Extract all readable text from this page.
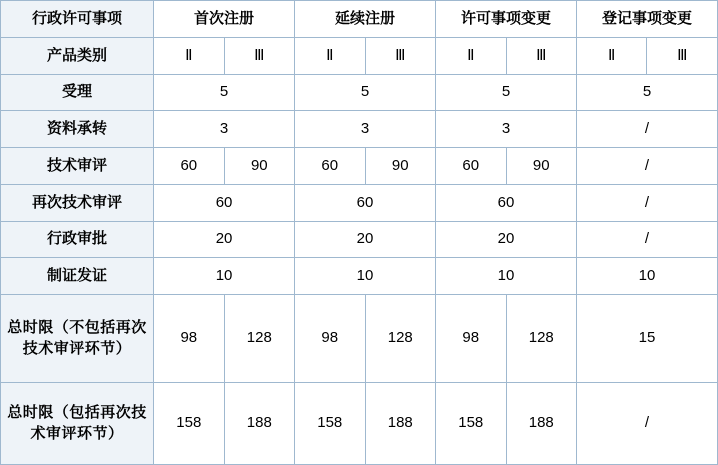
行政许可事项	首次注册		延续注册		许可事项变更		登记事项变更	
产品类别	Ⅱ	Ⅲ	Ⅱ	Ⅲ	Ⅱ	Ⅲ	Ⅱ	Ⅲ
受理	5		5		5		5	
资料承转	3		3		3		/	
技术审评	60	90	60	90	60	90	/	
再次技术审评	60		60		60		/	
行政审批	20		20		20		/	
制证发证	10		10		10		10	
总时限（不包括再次技术审评环节）	98	128	98	128	98	128	15	
总时限（包括再次技术审评环节）	158	188	158	188	158	188	/	
